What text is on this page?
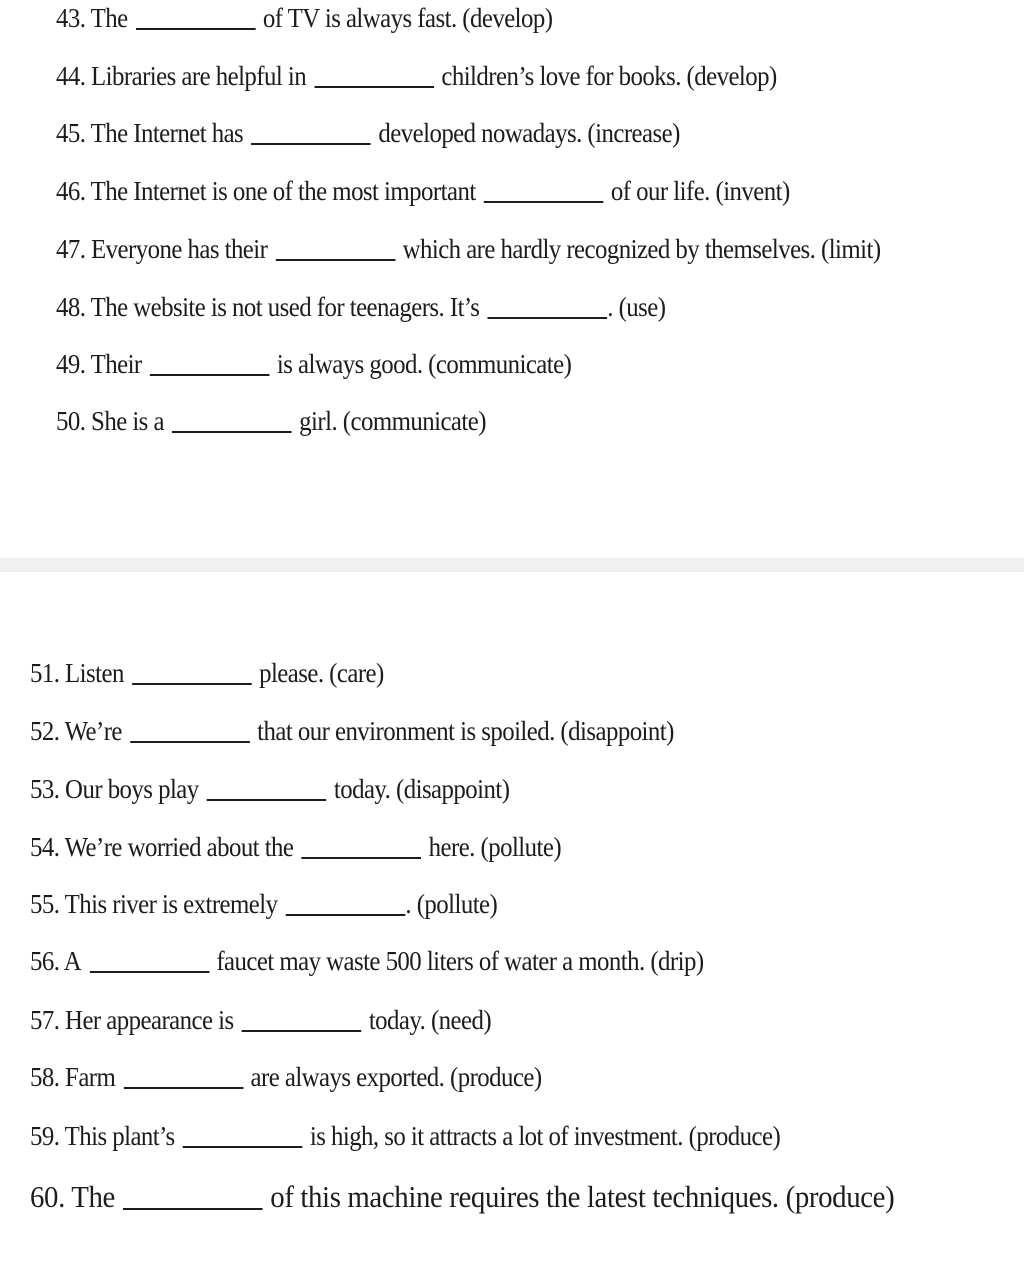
43. The	of TV is always fast. (develop)
44. Libraries are helpful in	children’s love for books. (develop)
45. The Internet has	developed nowadays. (increase)
46. The Internet is one of the most important	of our life. (invent)
47. Everyone has their	which are hardly recognized by themselves. (limit)
48. The website is not used for teenagers. It’s	. (use)
49. Their	is always good. (communicate)
50. She is a	girl. (communicate)
51. Listen	please. (care)
52. We’re	that our environment is spoiled. (disappoint)
53. Our boys play	today. (disappoint)
54. We’re worried about the	here. (pollute)
55. This river is extremely	. (pollute)
56. A	faucet may waste 500 liters of water a month. (drip)
57. Her appearance is	today. (need)
58. Farm	are always exported. (produce)
59. This plant’s	is high, so it attracts a lot of investment. (produce)
60. The	of this machine requires the latest techniques. (produce)
